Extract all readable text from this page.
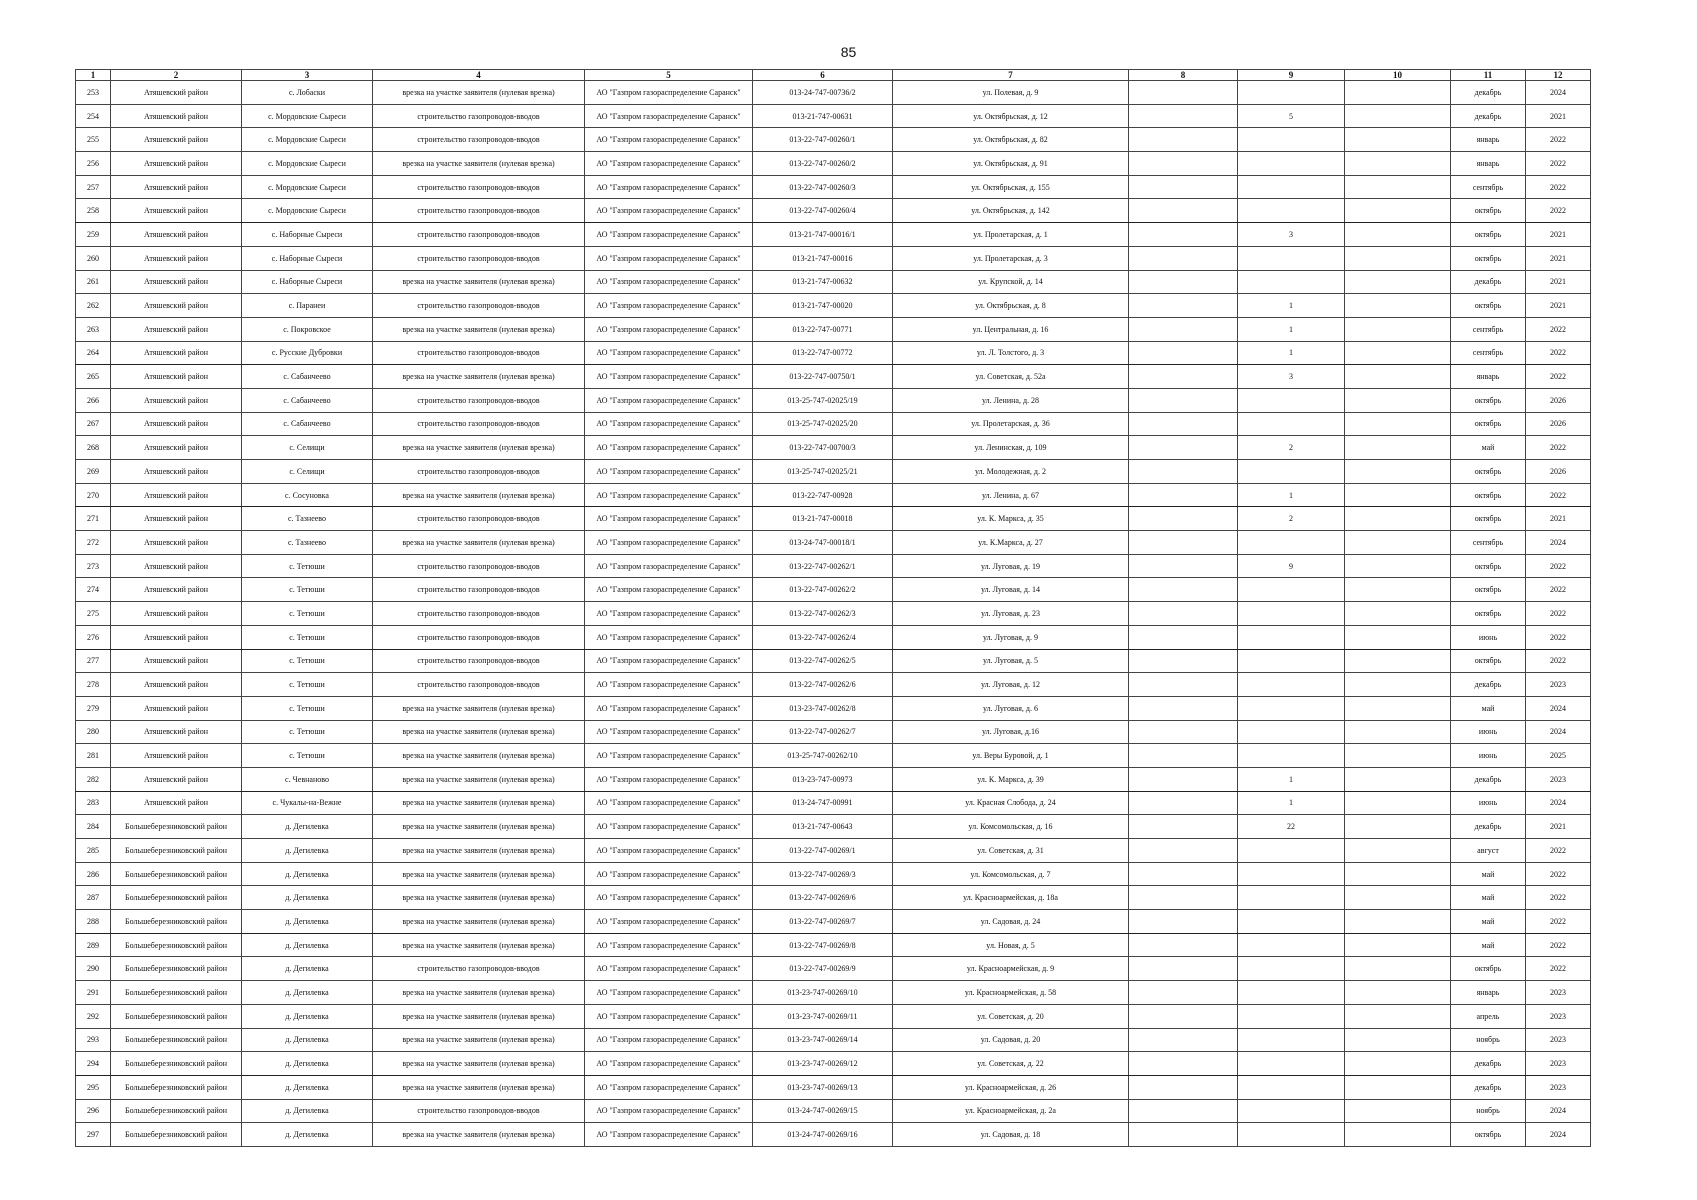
85
1	2	3	4	5	6	7	8	9	10	11	12
253	Атяшевский район	с. Лобаски	врезка на участке заявителя (нулевая врезка)	АО "Газпром газораспределение Саранск"	013-24-747-00736/2	ул. Полевая, д. 9				декабрь	2024
254	Атяшевский район	с. Мордовские Сыреси	строительство газопроводов-вводов	АО "Газпром газораспределение Саранск"	013-21-747-00631	ул. Октябрьская, д. 12		5		декабрь	2021
255	Атяшевский район	с. Мордовские Сыреси	строительство газопроводов-вводов	АО "Газпром газораспределение Саранск"	013-22-747-00260/1	ул. Октябрьская, д. 82				январь	2022
256	Атяшевский район	с. Мордовские Сыреси	врезка на участке заявителя (нулевая врезка)	АО "Газпром газораспределение Саранск"	013-22-747-00260/2	ул. Октябрьская, д. 91				январь	2022
257	Атяшевский район	с. Мордовские Сыреси	строительство газопроводов-вводов	АО "Газпром газораспределение Саранск"	013-22-747-00260/3	ул. Октябрьская, д. 155				сентябрь	2022
258	Атяшевский район	с. Мордовские Сыреси	строительство газопроводов-вводов	АО "Газпром газораспределение Саранск"	013-22-747-00260/4	ул. Октябрьская, д. 142				октябрь	2022
259	Атяшевский район	с. Наборные Сыреси	строительство газопроводов-вводов	АО "Газпром газораспределение Саранск"	013-21-747-00016/1	ул. Пролетарская, д. 1		3		октябрь	2021
260	Атяшевский район	с. Наборные Сыреси	строительство газопроводов-вводов	АО "Газпром газораспределение Саранск"	013-21-747-00016	ул. Пролетарская, д. 3				октябрь	2021
261	Атяшевский район	с. Наборные Сыреси	врезка на участке заявителя (нулевая врезка)	АО "Газпром газораспределение Саранск"	013-21-747-00632	ул. Крупской, д. 14				декабрь	2021
262	Атяшевский район	с. Паранеи	строительство газопроводов-вводов	АО "Газпром газораспределение Саранск"	013-21-747-00020	ул. Октябрьская, д. 8		1		октябрь	2021
263	Атяшевский район	с. Покровское	врезка на участке заявителя (нулевая врезка)	АО "Газпром газораспределение Саранск"	013-22-747-00771	ул. Центральная, д. 16		1		сентябрь	2022
264	Атяшевский район	с. Русские Дубровки	строительство газопроводов-вводов	АО "Газпром газораспределение Саранск"	013-22-747-00772	ул. Л. Толстого, д. 3		1		сентябрь	2022
265	Атяшевский район	с. Сабанчеево	врезка на участке заявителя (нулевая врезка)	АО "Газпром газораспределение Саранск"	013-22-747-00750/1	ул. Советская, д. 52а		3		январь	2022
266	Атяшевский район	с. Сабанчеево	строительство газопроводов-вводов	АО "Газпром газораспределение Саранск"	013-25-747-02025/19	ул. Ленина, д. 28				октябрь	2026
267	Атяшевский район	с. Сабанчеево	строительство газопроводов-вводов	АО "Газпром газораспределение Саранск"	013-25-747-02025/20	ул. Пролетарская, д. 36				октябрь	2026
268	Атяшевский район	с. Селищи	врезка на участке заявителя (нулевая врезка)	АО "Газпром газораспределение Саранск"	013-22-747-00700/3	ул. Ленинская, д. 109		2		май	2022
269	Атяшевский район	с. Селищи	строительство газопроводов-вводов	АО "Газпром газораспределение Саранск"	013-25-747-02025/21	ул. Молодежная, д. 2				октябрь	2026
270	Атяшевский район	с. Сосуновка	врезка на участке заявителя (нулевая врезка)	АО "Газпром газораспределение Саранск"	013-22-747-00928	ул. Ленина, д. 67		1		октябрь	2022
271	Атяшевский район	с. Тазнеево	строительство газопроводов-вводов	АО "Газпром газораспределение Саранск"	013-21-747-00018	ул. К. Маркса, д. 35		2		октябрь	2021
272	Атяшевский район	с. Тазнеево	врезка на участке заявителя (нулевая врезка)	АО "Газпром газораспределение Саранск"	013-24-747-00018/1	ул. К.Маркса, д. 27				сентябрь	2024
273	Атяшевский район	с. Тетюши	строительство газопроводов-вводов	АО "Газпром газораспределение Саранск"	013-22-747-00262/1	ул. Луговая, д. 19		9		октябрь	2022
274	Атяшевский район	с. Тетюши	строительство газопроводов-вводов	АО "Газпром газораспределение Саранск"	013-22-747-00262/2	ул. Луговая, д. 14				октябрь	2022
275	Атяшевский район	с. Тетюши	строительство газопроводов-вводов	АО "Газпром газораспределение Саранск"	013-22-747-00262/3	ул. Луговая, д. 23				октябрь	2022
276	Атяшевский район	с. Тетюши	строительство газопроводов-вводов	АО "Газпром газораспределение Саранск"	013-22-747-00262/4	ул. Луговая, д. 9				июнь	2022
277	Атяшевский район	с. Тетюши	строительство газопроводов-вводов	АО "Газпром газораспределение Саранск"	013-22-747-00262/5	ул. Луговая, д. 5				октябрь	2022
278	Атяшевский район	с. Тетюши	строительство газопроводов-вводов	АО "Газпром газораспределение Саранск"	013-22-747-00262/6	ул. Луговая, д. 12				декабрь	2023
279	Атяшевский район	с. Тетюши	врезка на участке заявителя (нулевая врезка)	АО "Газпром газораспределение Саранск"	013-23-747-00262/8	ул. Луговая, д. 6				май	2024
280	Атяшевский район	с. Тетюши	врезка на участке заявителя (нулевая врезка)	АО "Газпром газораспределение Саранск"	013-22-747-00262/7	ул. Луговая, д.16				июнь	2024
281	Атяшевский район	с. Тетюши	врезка на участке заявителя (нулевая врезка)	АО "Газпром газораспределение Саранск"	013-25-747-00262/10	ул. Веры Буровой, д. 1				июнь	2025
282	Атяшевский район	с. Чевнаново	врезка на участке заявителя (нулевая врезка)	АО "Газпром газораспределение Саранск"	013-23-747-00973	ул. К. Маркса, д. 39		1		декабрь	2023
283	Атяшевский район	с. Чукалы-на-Вежне	врезка на участке заявителя (нулевая врезка)	АО "Газпром газораспределение Саранск"	013-24-747-00991	ул. Красная Слобода, д. 24		1		июнь	2024
284	Большеберезниковский район	д. Дегилевка	врезка на участке заявителя (нулевая врезка)	АО "Газпром газораспределение Саранск"	013-21-747-00643	ул. Комсомольская, д. 16		22		декабрь	2021
285	Большеберезниковский район	д. Дегилевка	врезка на участке заявителя (нулевая врезка)	АО "Газпром газораспределение Саранск"	013-22-747-00269/1	ул. Советская, д. 31				август	2022
286	Большеберезниковский район	д. Дегилевка	врезка на участке заявителя (нулевая врезка)	АО "Газпром газораспределение Саранск"	013-22-747-00269/3	ул. Комсомольская, д. 7				май	2022
287	Большеберезниковский район	д. Дегилевка	врезка на участке заявителя (нулевая врезка)	АО "Газпром газораспределение Саранск"	013-22-747-00269/6	ул. Красноармейская, д. 18а				май	2022
288	Большеберезниковский район	д. Дегилевка	врезка на участке заявителя (нулевая врезка)	АО "Газпром газораспределение Саранск"	013-22-747-00269/7	ул. Садовая, д. 24				май	2022
289	Большеберезниковский район	д. Дегилевка	врезка на участке заявителя (нулевая врезка)	АО "Газпром газораспределение Саранск"	013-22-747-00269/8	ул. Новая, д. 5				май	2022
290	Большеберезниковский район	д. Дегилевка	строительство газопроводов-вводов	АО "Газпром газораспределение Саранск"	013-22-747-00269/9	ул. Красноармейская, д. 9				октябрь	2022
291	Большеберезниковский район	д. Дегилевка	врезка на участке заявителя (нулевая врезка)	АО "Газпром газораспределение Саранск"	013-23-747-00269/10	ул. Красноармейская, д. 58				январь	2023
292	Большеберезниковский район	д. Дегилевка	врезка на участке заявителя (нулевая врезка)	АО "Газпром газораспределение Саранск"	013-23-747-00269/11	ул. Советская, д. 20				апрель	2023
293	Большеберезниковский район	д. Дегилевка	врезка на участке заявителя (нулевая врезка)	АО "Газпром газораспределение Саранск"	013-23-747-00269/14	ул. Садовая, д. 20				ноябрь	2023
294	Большеберезниковский район	д. Дегилевка	врезка на участке заявителя (нулевая врезка)	АО "Газпром газораспределение Саранск"	013-23-747-00269/12	ул. Советская, д. 22				декабрь	2023
295	Большеберезниковский район	д. Дегилевка	врезка на участке заявителя (нулевая врезка)	АО "Газпром газораспределение Саранск"	013-23-747-00269/13	ул. Красноармейская, д. 26				декабрь	2023
296	Большеберезниковский район	д. Дегилевка	строительство газопроводов-вводов	АО "Газпром газораспределение Саранск"	013-24-747-00269/15	ул. Красноармейская, д. 2а				ноябрь	2024
297	Большеберезниковский район	д. Дегилевка	врезка на участке заявителя (нулевая врезка)	АО "Газпром газораспределение Саранск"	013-24-747-00269/16	ул. Садовая, д. 18				октябрь	2024
